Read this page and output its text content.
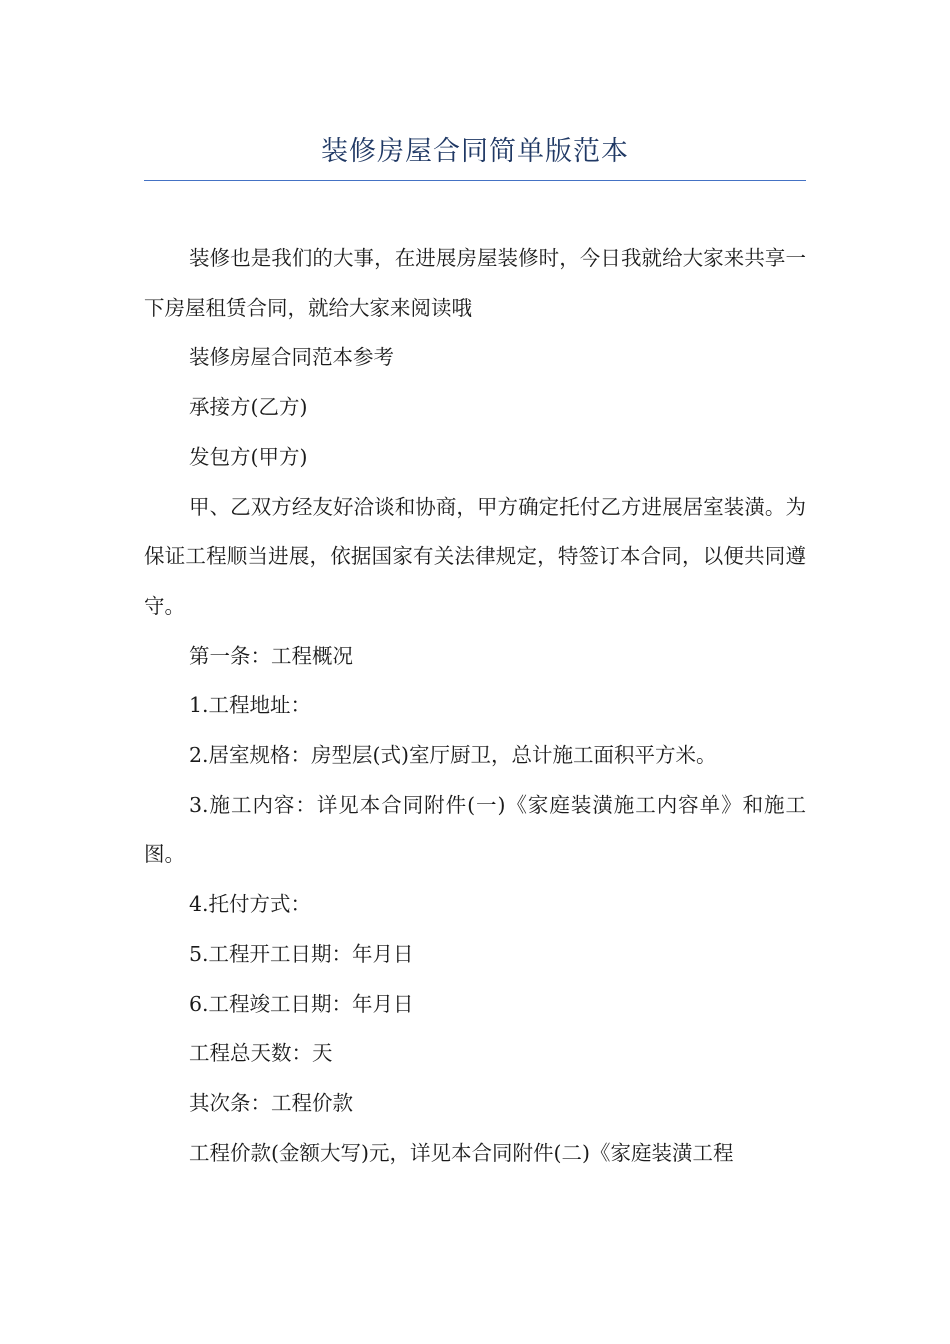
装修房屋合同简单版范本

装修也是我们的大事，在进展房屋装修时，今日我就给大家来共享一下房屋租赁合同，就给大家来阅读哦

装修房屋合同范本参考

承接方(乙方)

发包方(甲方)

甲、乙双方经友好洽谈和协商，甲方确定托付乙方进展居室装潢。为保证工程顺当进展，依据国家有关法律规定，特签订本合同，以便共同遵守。

第一条：工程概况

1.工程地址：

2.居室规格：房型层(式)室厅厨卫，总计施工面积平方米。

3.施工内容：详见本合同附件(一)《家庭装潢施工内容单》和施工图。

4.托付方式：

5.工程开工日期：年月日

6.工程竣工日期：年月日

工程总天数：天

其次条：工程价款

工程价款(金额大写)元，详见本合同附件(二)《家庭装潢工程
